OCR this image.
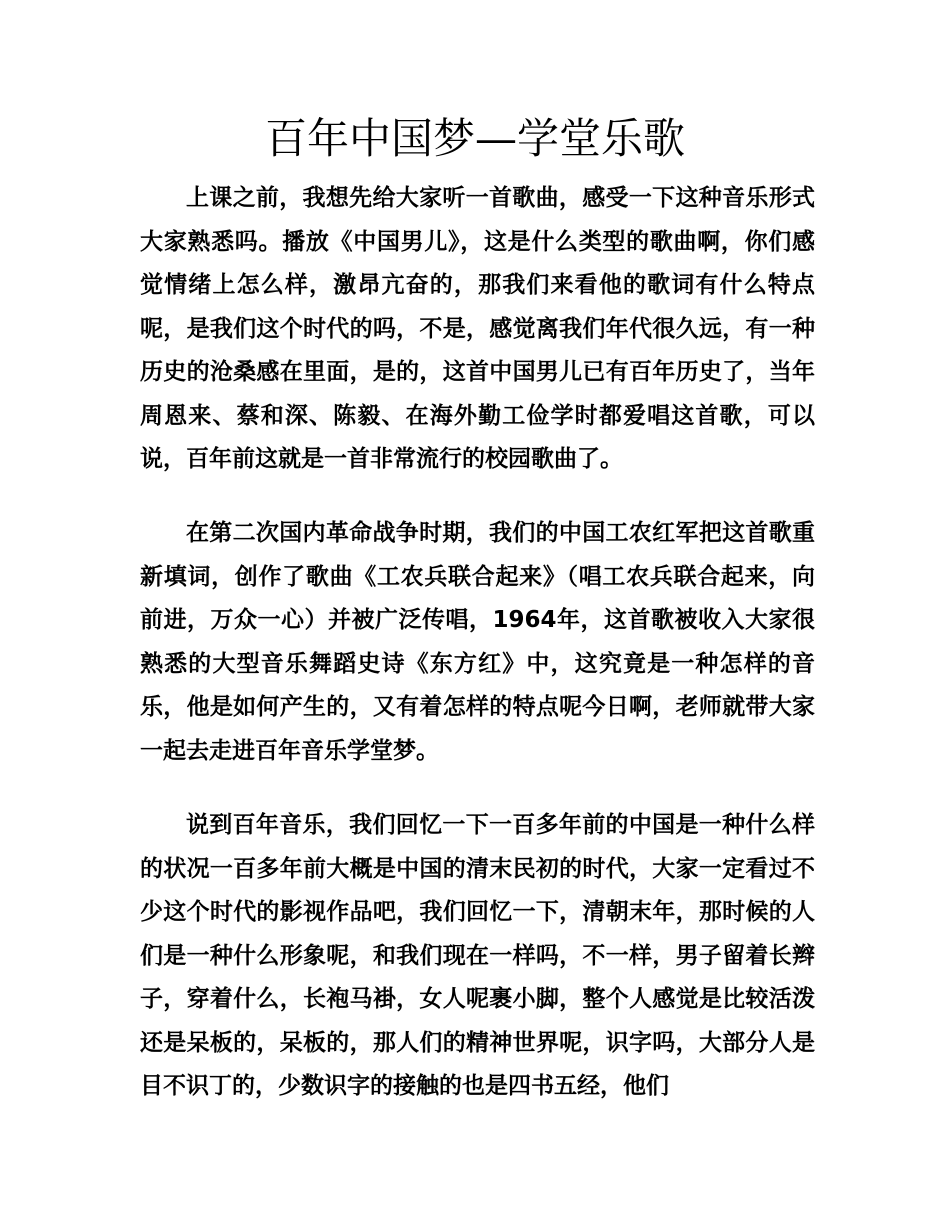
百年中国梦—学堂乐歌

上课之前，我想先给大家听一首歌曲，感受一下这种音乐形式大家熟悉吗。播放《中国男儿》，这是什么类型的歌曲啊，你们感觉情绪上怎么样，激昂亢奋的，那我们来看他的歌词有什么特点呢，是我们这个时代的吗，不是，感觉离我们年代很久远，有一种历史的沧桑感在里面，是的，这首中国男儿已有百年历史了，当年周恩来、蔡和深、陈毅、在海外勤工俭学时都爱唱这首歌，可以说，百年前这就是一首非常流行的校园歌曲了。

在第二次国内革命战争时期，我们的中国工农红军把这首歌重新填词，创作了歌曲《工农兵联合起来》（唱工农兵联合起来，向前进，万众一心）并被广泛传唱，1964年，这首歌被收入大家很熟悉的大型音乐舞蹈史诗《东方红》中，这究竟是一种怎样的音乐，他是如何产生的，又有着怎样的特点呢今日啊，老师就带大家一起去走进百年音乐学堂梦。

说到百年音乐，我们回忆一下一百多年前的中国是一种什么样的状况一百多年前大概是中国的清末民初的时代，大家一定看过不少这个时代的影视作品吧，我们回忆一下，清朝末年，那时候的人们是一种什么形象呢，和我们现在一样吗，不一样，男子留着长辫子，穿着什么，长袍马褂，女人呢裹小脚，整个人感觉是比较活泼还是呆板的，呆板的，那人们的精神世界呢，识字吗，大部分人是目不识丁的，少数识字的接触的也是四书五经，他们
